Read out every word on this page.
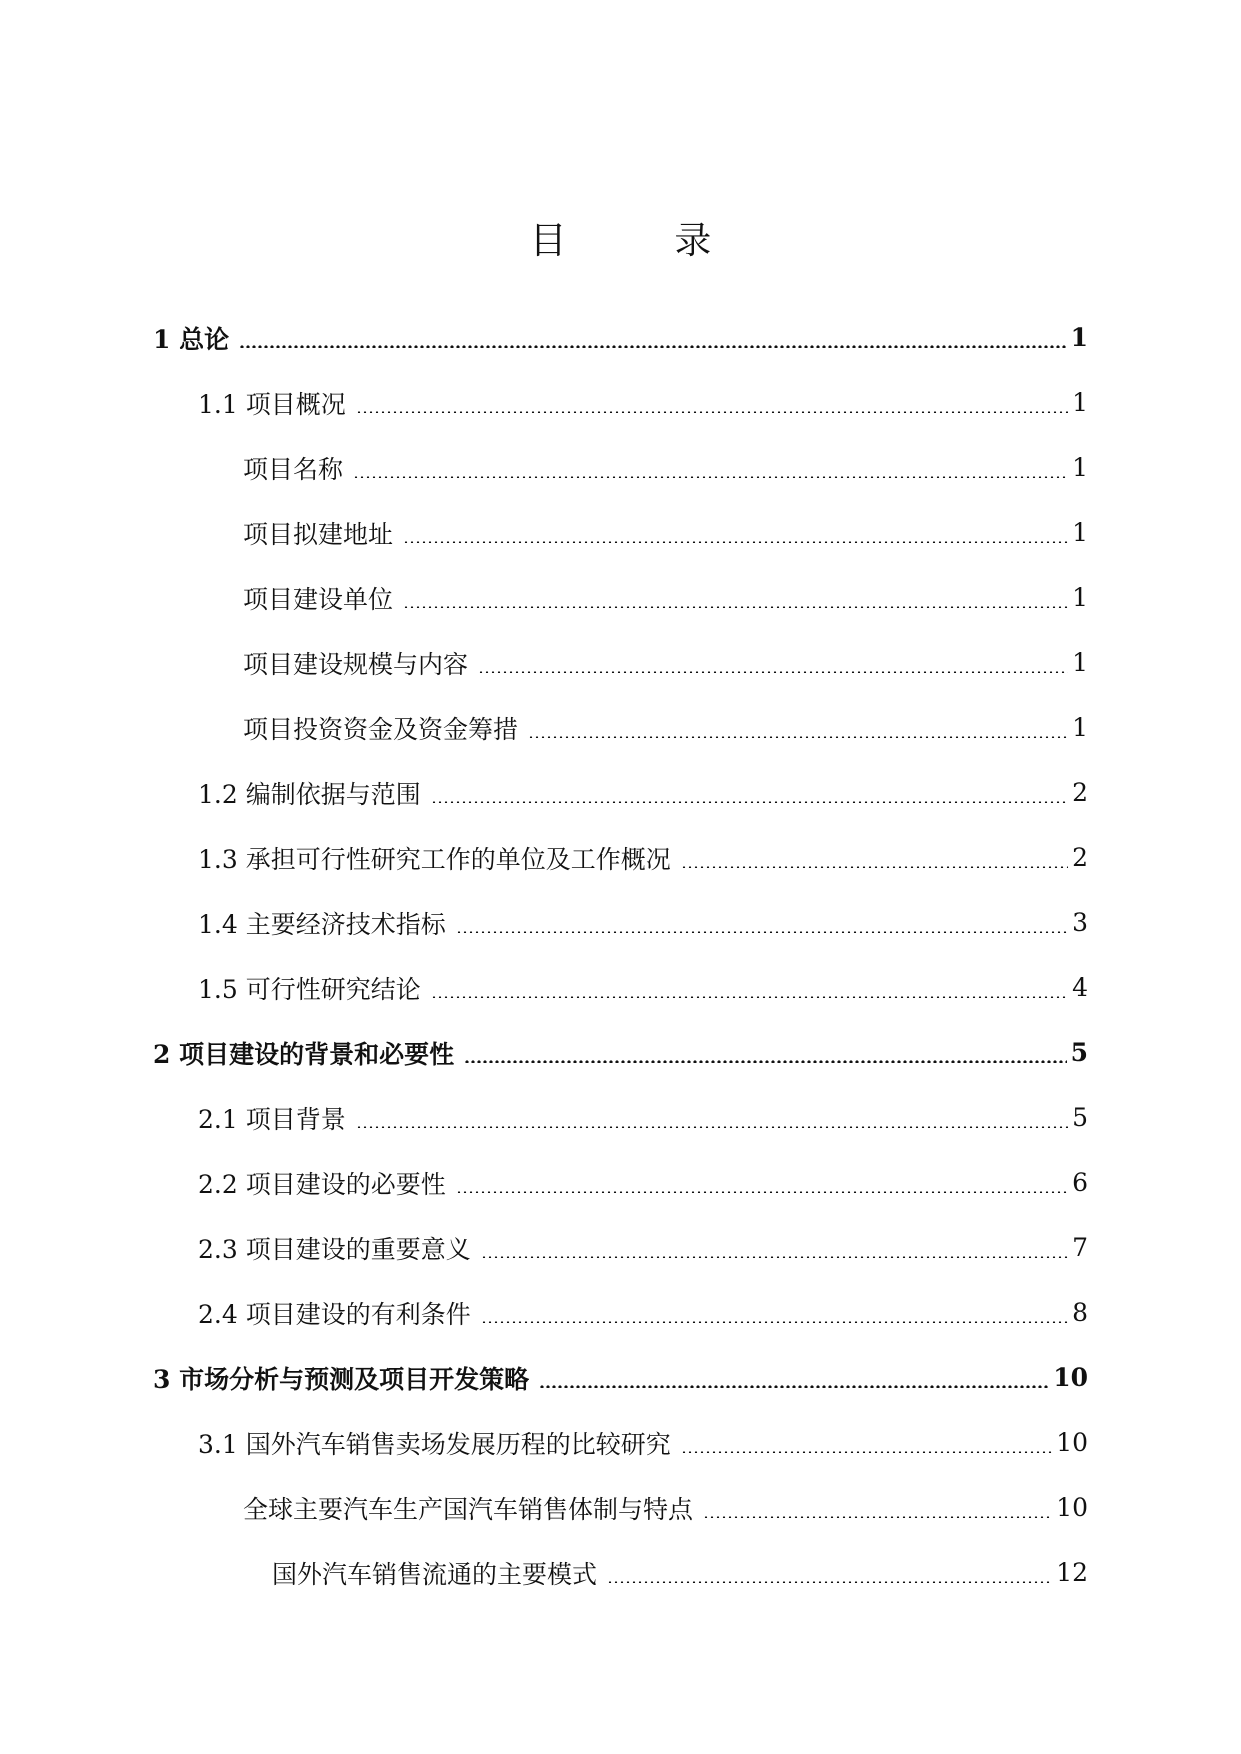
目 录
1 总论	1
1.1 项目概况	1
项目名称	1
项目拟建地址	1
项目建设单位	1
项目建设规模与内容	1
项目投资资金及资金筹措	1
1.2 编制依据与范围	2
1.3 承担可行性研究工作的单位及工作概况	2
1.4 主要经济技术指标	3
1.5 可行性研究结论	4
2 项目建设的背景和必要性	5
2.1 项目背景	5
2.2 项目建设的必要性	6
2.3 项目建设的重要意义	7
2.4 项目建设的有利条件	8
3 市场分析与预测及项目开发策略	10
3.1 国外汽车销售卖场发展历程的比较研究	10
全球主要汽车生产国汽车销售体制与特点	10
国外汽车销售流通的主要模式	12
